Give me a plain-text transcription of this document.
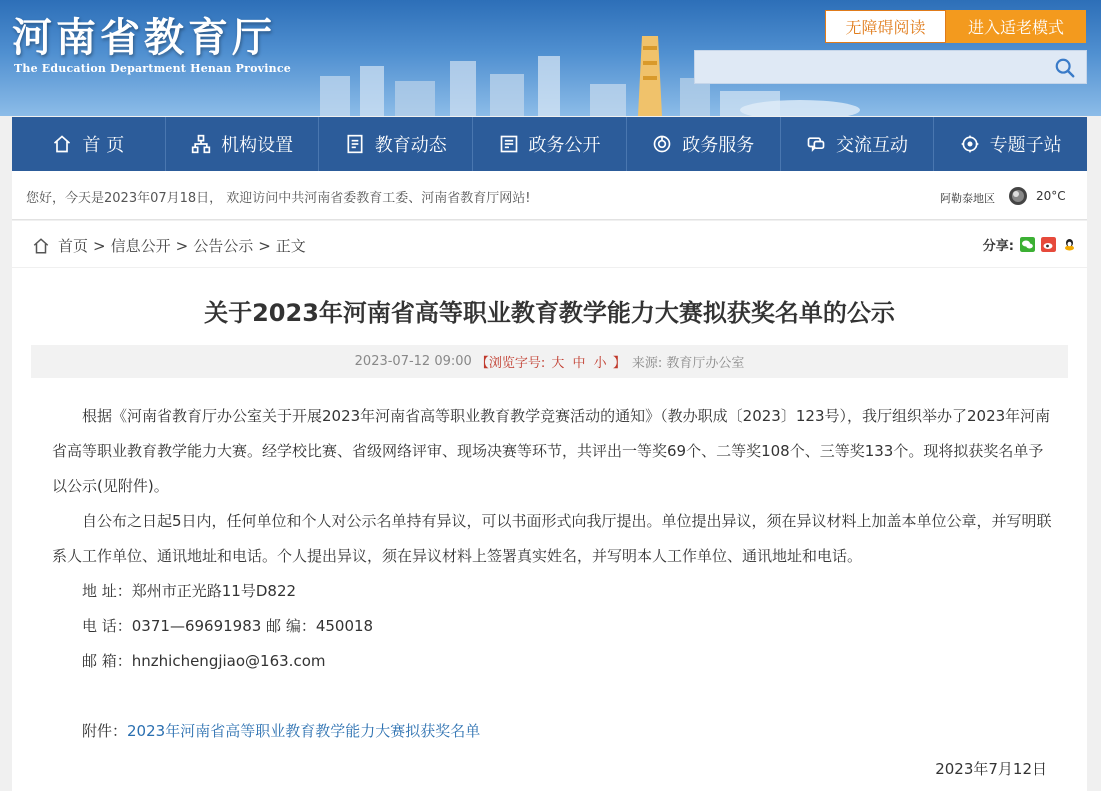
河南省教育厅
The Education Department Henan Province
无障碍阅读	进入适老模式
首 页	机构设置	教育动态	政务公开	政务服务	交流互动	专题子站
您好，今天是2023年07月18日， 欢迎访问中共河南省委教育工委、河南省教育厅网站!	阿勒泰地区	20°C
首页 > 信息公开 > 公告公示 > 正文	分享:
关于2023年河南省高等职业教育教学能力大赛拟获奖名单的公示
2023-07-12 09:00 【浏览字号: 大 中 小 】 来源: 教育厅办公室

根据《河南省教育厅办公室关于开展2023年河南省高等职业教育教学竞赛活动的通知》（教办职成〔2023〕123号），我厅组织举办了2023年河南省高等职业教育教学能力大赛。经学校比赛、省级网络评审、现场决赛等环节，共评出一等奖69个、二等奖108个、三等奖133个。现将拟获奖名单予以公示(见附件)。

自公布之日起5日内，任何单位和个人对公示名单持有异议，可以书面形式向我厅提出。单位提出异议，须在异议材料上加盖本单位公章，并写明联系人工作单位、通讯地址和电话。个人提出异议，须在异议材料上签署真实姓名，并写明本人工作单位、通讯地址和电话。

地 址：郑州市正光路11号D822
电 话：0371—69691983 邮 编：450018
邮 箱：hnzhichengjiao@163.com
附件：2023年河南省高等职业教育教学能力大赛拟获奖名单
2023年7月12日
